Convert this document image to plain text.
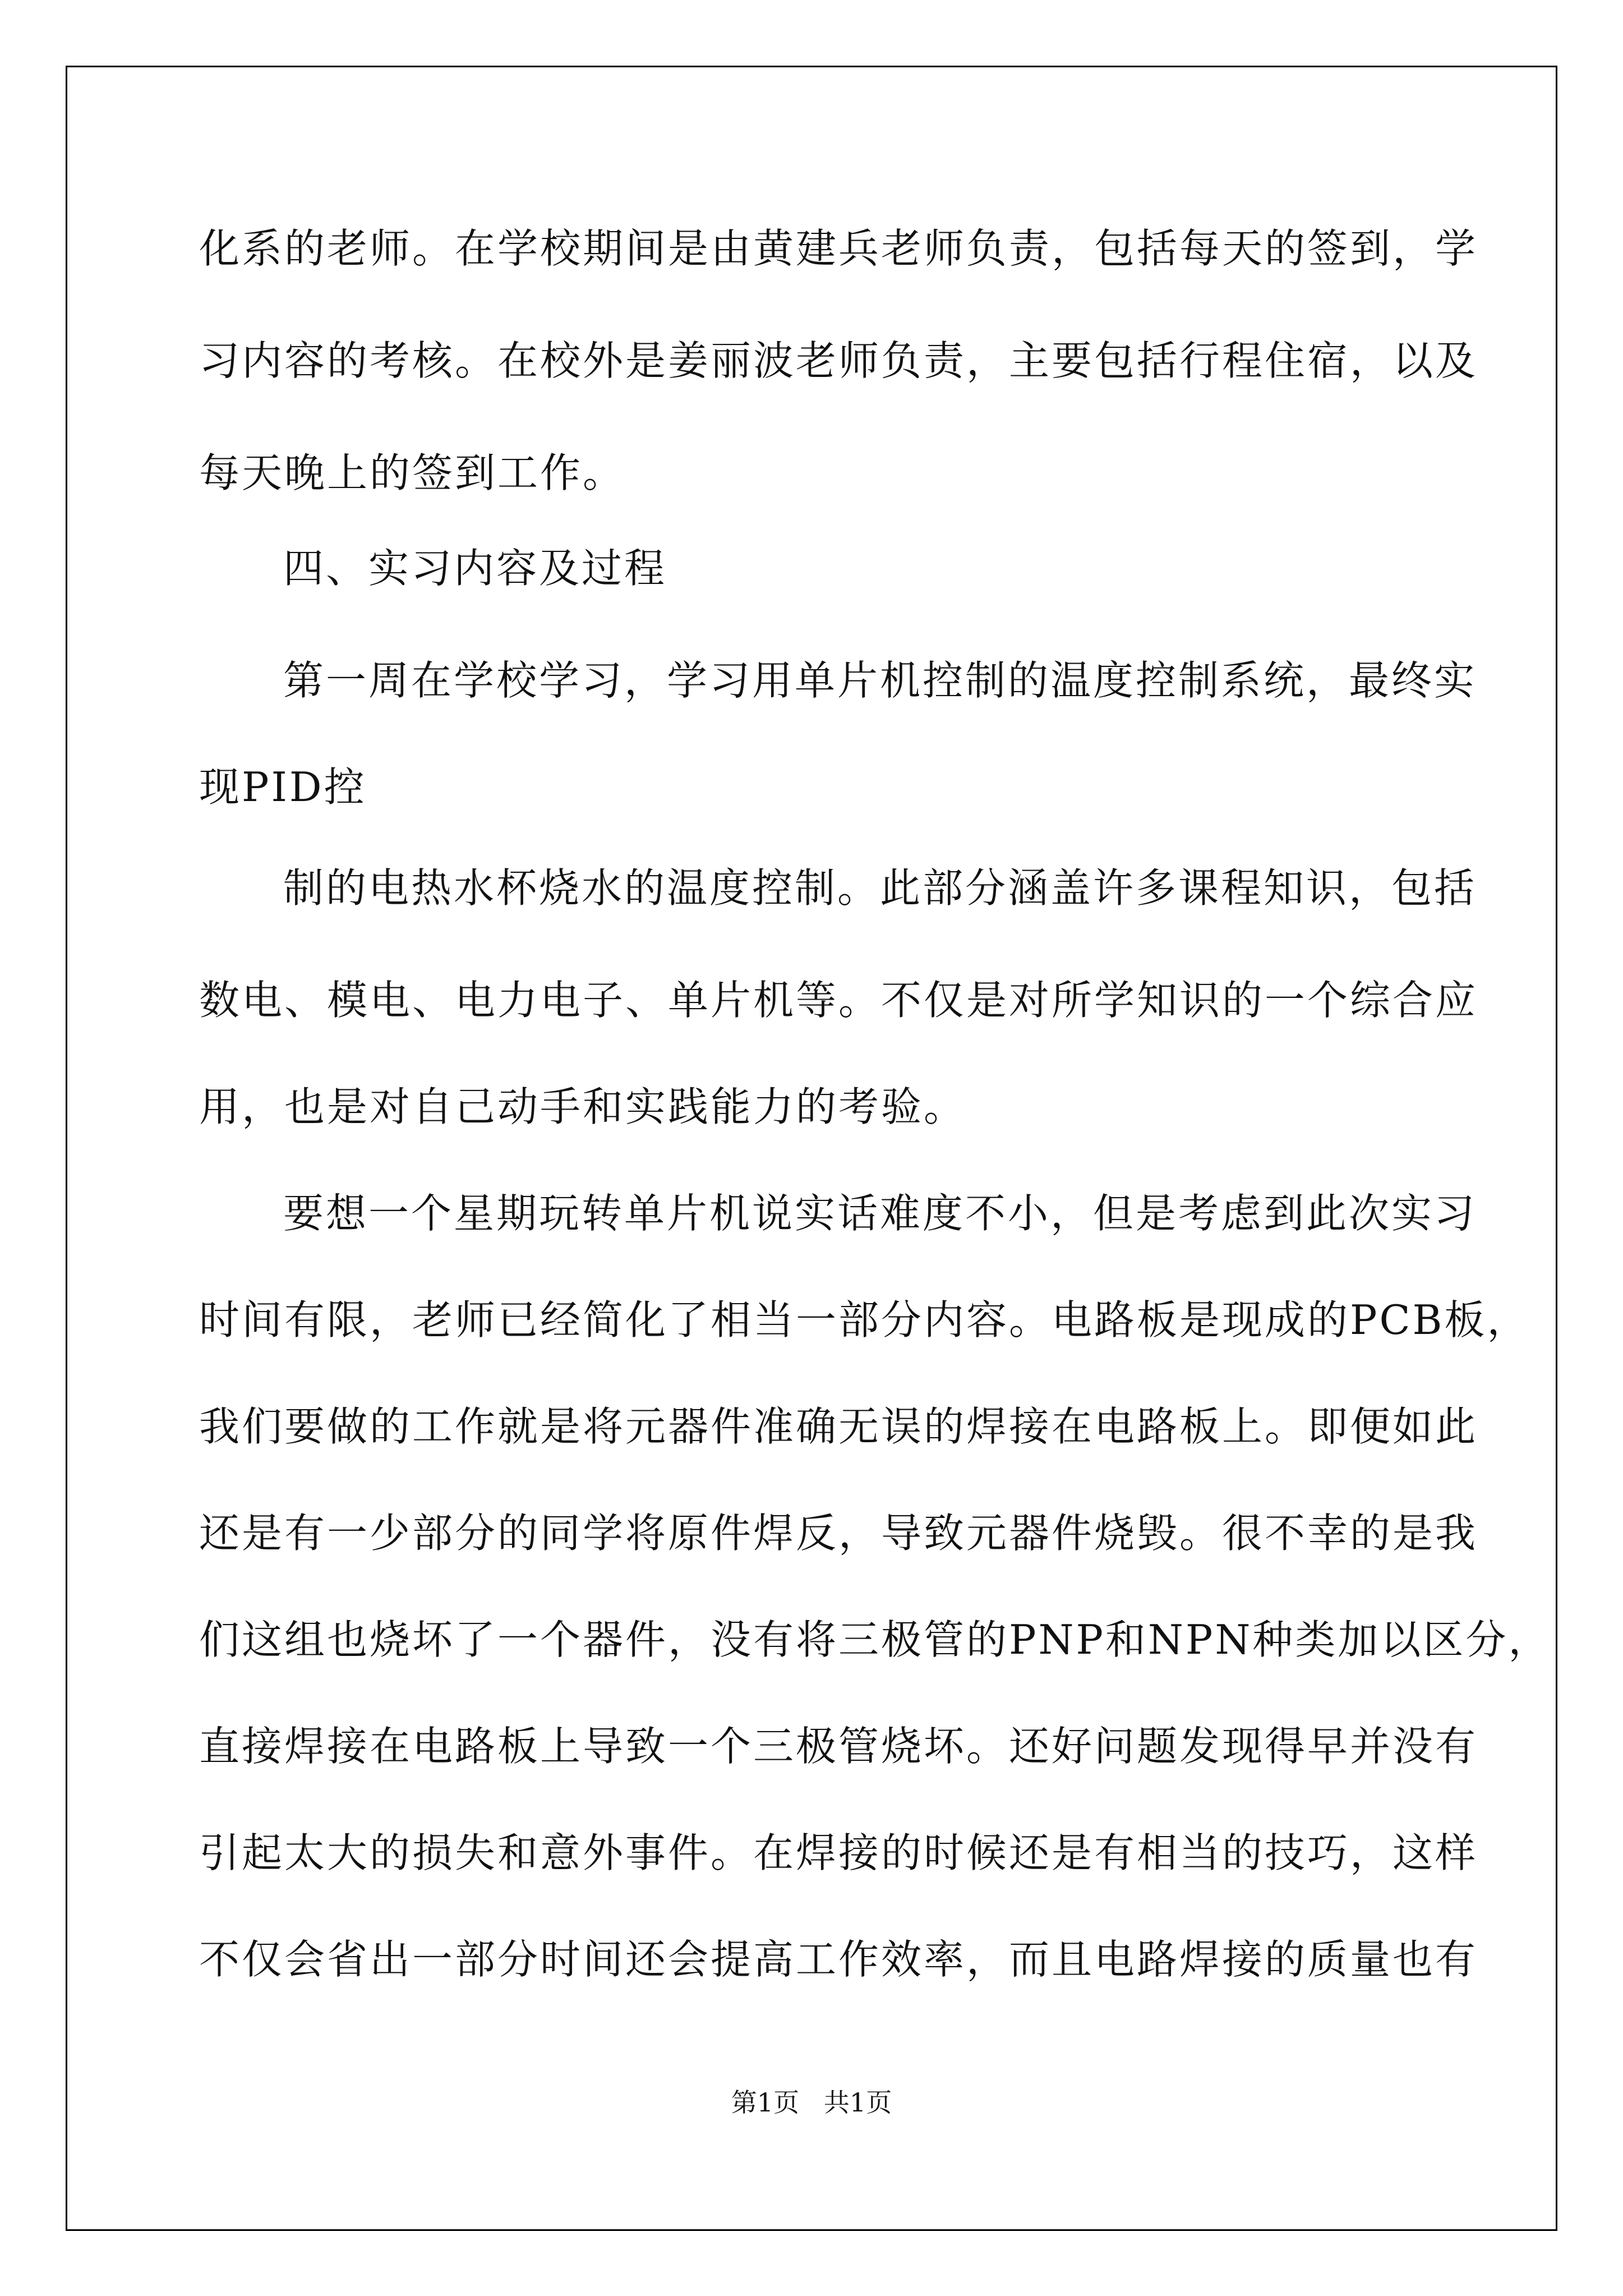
化系的老师。在学校期间是由黄建兵老师负责，包括每天的签到，学
习内容的考核。在校外是姜丽波老师负责，主要包括行程住宿，以及
每天晚上的签到工作。
四、实习内容及过程
第一周在学校学习，学习用单片机控制的温度控制系统，最终实
现PID控
制的电热水杯烧水的温度控制。此部分涵盖许多课程知识，包括
数电、模电、电力电子、单片机等。不仅是对所学知识的一个综合应
用，也是对自己动手和实践能力的考验。
要想一个星期玩转单片机说实话难度不小，但是考虑到此次实习
时间有限，老师已经简化了相当一部分内容。电路板是现成的PCB板，
我们要做的工作就是将元器件准确无误的焊接在电路板上。即便如此
还是有一少部分的同学将原件焊反，导致元器件烧毁。很不幸的是我
们这组也烧坏了一个器件，没有将三极管的PNP和NPN种类加以区分，
直接焊接在电路板上导致一个三极管烧坏。还好问题发现得早并没有
引起太大的损失和意外事件。在焊接的时候还是有相当的技巧，这样
不仅会省出一部分时间还会提高工作效率，而且电路焊接的质量也有
第1页   共1页
